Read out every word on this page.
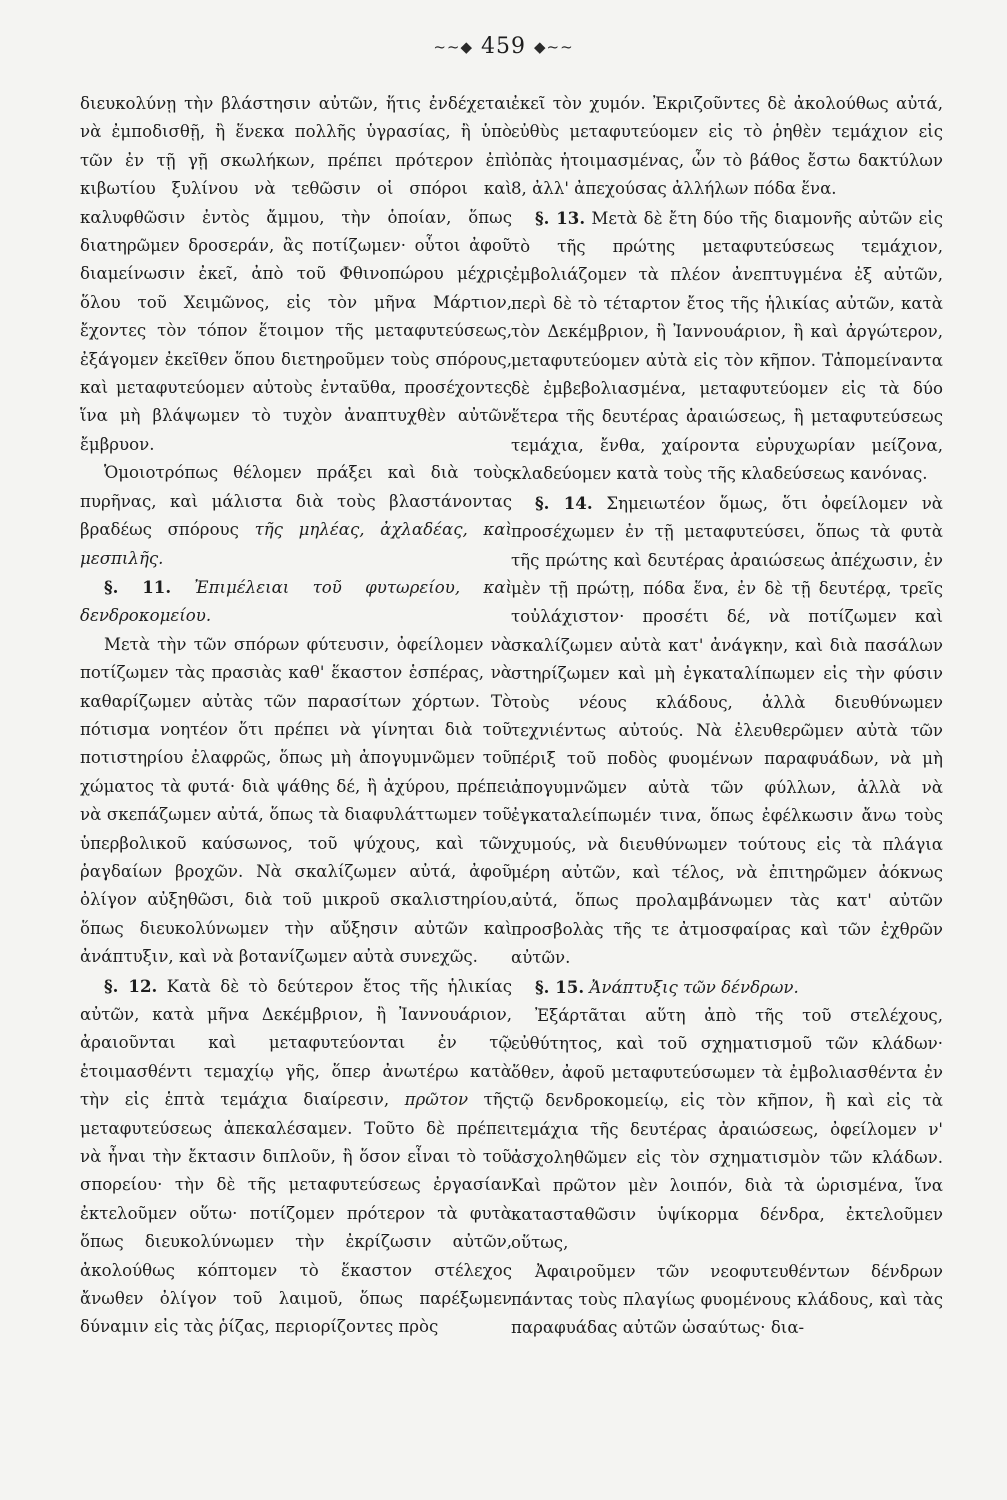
~~◆ 459 ◆~~

διευκολύνῃ τὴν βλάστησιν αὐτῶν, ἥτις ἐνδέχεται νὰ ἐμποδισθῇ, ἢ ἕνεκα πολλῆς ὑγρασίας, ἢ ὑπὸ τῶν ἐν τῇ γῇ σκωλήκων, πρέπει πρότερον ἐπὶ κιβωτίου ξυλίνου νὰ τεθῶσιν οἱ σπόροι καὶ καλυφθῶσιν ἐντὸς ἄμμου, τὴν ὁποίαν, ὅπως διατηρῶμεν δροσεράν, ἂς ποτίζωμεν· οὗτοι ἀφοῦ διαμείνωσιν ἐκεῖ, ἀπὸ τοῦ Φθινοπώρου μέχρις ὅλου τοῦ Χειμῶνος, εἰς τὸν μῆνα Μάρτιον, ἔχοντες τὸν τόπον ἕτοιμον τῆς μεταφυτεύσεως, ἐξάγομεν ἐκεῖθεν ὅπου διετηροῦμεν τοὺς σπόρους, καὶ μεταφυτεύομεν αὐτοὺς ἐνταῦθα, προσέχοντες ἵνα μὴ βλάψωμεν τὸ τυχὸν ἀναπτυχθὲν αὐτῶν ἔμβρυον.

Ὁμοιοτρόπως θέλομεν πράξει καὶ διὰ τοὺς πυρῆνας, καὶ μάλιστα διὰ τοὺς βλαστάνοντας βραδέως σπόρους τῆς μηλέας, ἀχλαδέας, καὶ μεσπιλῆς.

§. 11. Ἐπιμέλειαι τοῦ φυτωρείου, καὶ δενδροκομείου.

Μετὰ τὴν τῶν σπόρων φύτευσιν, ὀφείλομεν νὰ ποτίζωμεν τὰς πρασιὰς καθ' ἕκαστον ἑσπέρας, νὰ καθαρίζωμεν αὐτὰς τῶν παρασίτων χόρτων. Τὸ πότισμα νοητέον ὅτι πρέπει νὰ γίνηται διὰ τοῦ ποτιστηρίου ἐλαφρῶς, ὅπως μὴ ἀπογυμνῶμεν τοῦ χώματος τὰ φυτά· διὰ ψάθης δέ, ἢ ἀχύρου, πρέπει νὰ σκεπάζωμεν αὐτά, ὅπως τὰ διαφυλάττωμεν τοῦ ὑπερβολικοῦ καύσωνος, τοῦ ψύχους, καὶ τῶν ῥαγδαίων βροχῶν. Νὰ σκαλίζωμεν αὐτά, ἀφοῦ ὀλίγον αὐξηθῶσι, διὰ τοῦ μικροῦ σκαλιστηρίου, ὅπως διευκολύνωμεν τὴν αὔξησιν αὐτῶν καὶ ἀνάπτυξιν, καὶ νὰ βοτανίζωμεν αὐτὰ συνεχῶς.

§. 12. Κατὰ δὲ τὸ δεύτερον ἔτος τῆς ἡλικίας αὐτῶν, κατὰ μῆνα Δεκέμβριον, ἢ Ἰαννουάριον, ἀραιοῦνται καὶ μεταφυτεύονται ἐν τῷ ἑτοιμασθέντι τεμαχίῳ γῆς, ὅπερ ἀνωτέρω κατὰ τὴν εἰς ἑπτὰ τεμάχια διαίρεσιν, πρῶτον τῆς μεταφυτεύσεως ἀπεκαλέσαμεν. Τοῦτο δὲ πρέπει νὰ ἦναι τὴν ἔκτασιν διπλοῦν, ἢ ὅσον εἶναι τὸ τοῦ σπορείου· τὴν δὲ τῆς μεταφυτεύσεως ἐργασίαν ἐκτελοῦμεν οὕτω· ποτίζομεν πρότερον τὰ φυτὰ ὅπως διευκολύνωμεν τὴν ἐκρίζωσιν αὐτῶν, ἀκολούθως κόπτομεν τὸ ἕκαστον στέλεχος ἄνωθεν ὀλίγον τοῦ λαιμοῦ, ὅπως παρέξωμεν δύναμιν εἰς τὰς ῥίζας, περιορίζοντες πρὸς

ἐκεῖ τὸν χυμόν. Ἐκριζοῦντες δὲ ἀκολούθως αὐτά, εὐθὺς μεταφυτεύομεν εἰς τὸ ῥηθὲν τεμάχιον εἰς ὀπὰς ἡτοιμασμένας, ὧν τὸ βάθος ἔστω δακτύλων 8, ἀλλ' ἀπεχούσας ἀλλήλων πόδα ἕνα.

§. 13. Μετὰ δὲ ἔτη δύο τῆς διαμονῆς αὐτῶν εἰς τὸ τῆς πρώτης μεταφυτεύσεως τεμάχιον, ἐμβολιάζομεν τὰ πλέον ἀνεπτυγμένα ἐξ αὐτῶν, περὶ δὲ τὸ τέταρτον ἔτος τῆς ἡλικίας αὐτῶν, κατὰ τὸν Δεκέμβριον, ἢ Ἰαννουάριον, ἢ καὶ ἀργώτερον, μεταφυτεύομεν αὐτὰ εἰς τὸν κῆπον. Τἀπομείναντα δὲ ἐμβεβολιασμένα, μεταφυτεύομεν εἰς τὰ δύο ἕτερα τῆς δευτέρας ἀραιώσεως, ἢ μεταφυτεύσεως τεμάχια, ἔνθα, χαίροντα εὐρυχωρίαν μείζονα, κλαδεύομεν κατὰ τοὺς τῆς κλαδεύσεως κανόνας.

§. 14. Σημειωτέον ὅμως, ὅτι ὀφείλομεν νὰ προσέχωμεν ἐν τῇ μεταφυτεύσει, ὅπως τὰ φυτὰ τῆς πρώτης καὶ δευτέρας ἀραιώσεως ἀπέχωσιν, ἐν μὲν τῇ πρώτῃ, πόδα ἕνα, ἐν δὲ τῇ δευτέρᾳ, τρεῖς τοὐλάχιστον· προσέτι δέ, νὰ ποτίζωμεν καὶ σκαλίζωμεν αὐτὰ κατ' ἀνάγκην, καὶ διὰ πασάλων στηρίζωμεν καὶ μὴ ἐγκαταλίπωμεν εἰς τὴν φύσιν τοὺς νέους κλάδους, ἀλλὰ διευθύνωμεν τεχνιέντως αὐτούς. Νὰ ἐλευθερῶμεν αὐτὰ τῶν πέριξ τοῦ ποδὸς φυομένων παραφυάδων, νὰ μὴ ἀπογυμνῶμεν αὐτὰ τῶν φύλλων, ἀλλὰ νὰ ἐγκαταλείπωμέν τινα, ὅπως ἐφέλκωσιν ἄνω τοὺς χυμούς, νὰ διευθύνωμεν τούτους εἰς τὰ πλάγια μέρη αὐτῶν, καὶ τέλος, νὰ ἐπιτηρῶμεν ἀόκνως αὐτά, ὅπως προλαμβάνωμεν τὰς κατ' αὐτῶν προσβολὰς τῆς τε ἀτμοσφαίρας καὶ τῶν ἐχθρῶν αὐτῶν.

§. 15. Ἀνάπτυξις τῶν δένδρων.

Ἐξάρτᾶται αὕτη ἀπὸ τῆς τοῦ στελέχους, εὐθύτητος, καὶ τοῦ σχηματισμοῦ τῶν κλάδων· ὅθεν, ἀφοῦ μεταφυτεύσωμεν τὰ ἐμβολιασθέντα ἐν τῷ δενδροκομείῳ, εἰς τὸν κῆπον, ἢ καὶ εἰς τὰ τεμάχια τῆς δευτέρας ἀραιώσεως, ὀφείλομεν ν' ἀσχοληθῶμεν εἰς τὸν σχηματισμὸν τῶν κλάδων. Καὶ πρῶτον μὲν λοιπόν, διὰ τὰ ὡρισμένα, ἵνα κατασταθῶσιν ὑψίκορμα δένδρα, ἐκτελοῦμεν οὕτως,

Ἀφαιροῦμεν τῶν νεοφυτευθέντων δένδρων πάντας τοὺς πλαγίως φυομένους κλάδους, καὶ τὰς παραφυάδας αὐτῶν ὡσαύτως· δια-
